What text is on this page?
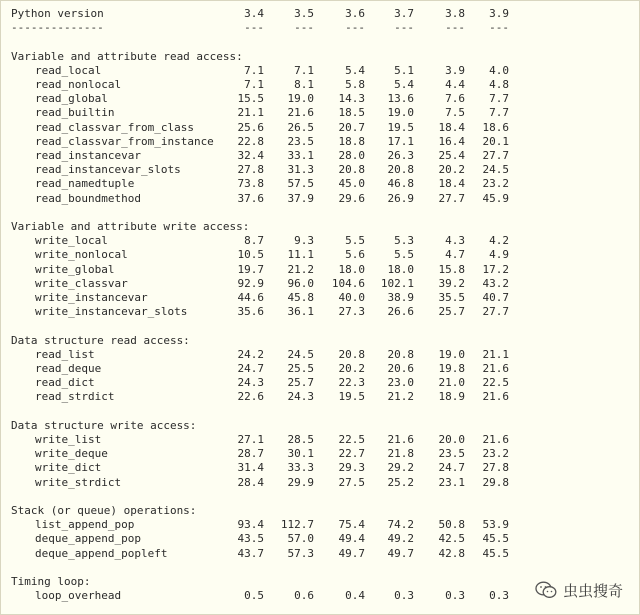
Python version	3.4	3.5	3.6	3.7	3.8	3.9
--------------	---	---	---	---	---	---
Variable and attribute read access:
read_local	7.1	7.1	5.4	5.1	3.9	4.0
read_nonlocal	7.1	8.1	5.8	5.4	4.4	4.8
read_global	15.5	19.0	14.3	13.6	7.6	7.7
read_builtin	21.1	21.6	18.5	19.0	7.5	7.7
read_classvar_from_class	25.6	26.5	20.7	19.5	18.4	18.6
read_classvar_from_instance	22.8	23.5	18.8	17.1	16.4	20.1
read_instancevar	32.4	33.1	28.0	26.3	25.4	27.7
read_instancevar_slots	27.8	31.3	20.8	20.8	20.2	24.5
read_namedtuple	73.8	57.5	45.0	46.8	18.4	23.2
read_boundmethod	37.6	37.9	29.6	26.9	27.7	45.9
Variable and attribute write access:
write_local	8.7	9.3	5.5	5.3	4.3	4.2
write_nonlocal	10.5	11.1	5.6	5.5	4.7	4.9
write_global	19.7	21.2	18.0	18.0	15.8	17.2
write_classvar	92.9	96.0	104.6	102.1	39.2	43.2
write_instancevar	44.6	45.8	40.0	38.9	35.5	40.7
write_instancevar_slots	35.6	36.1	27.3	26.6	25.7	27.7
Data structure read access:
read_list	24.2	24.5	20.8	20.8	19.0	21.1
read_deque	24.7	25.5	20.2	20.6	19.8	21.6
read_dict	24.3	25.7	22.3	23.0	21.0	22.5
read_strdict	22.6	24.3	19.5	21.2	18.9	21.6
Data structure write access:
write_list	27.1	28.5	22.5	21.6	20.0	21.6
write_deque	28.7	30.1	22.7	21.8	23.5	23.2
write_dict	31.4	33.3	29.3	29.2	24.7	27.8
write_strdict	28.4	29.9	27.5	25.2	23.1	29.8
Stack (or queue) operations:
list_append_pop	93.4	112.7	75.4	74.2	50.8	53.9
deque_append_pop	43.5	57.0	49.4	49.2	42.5	45.5
deque_append_popleft	43.7	57.3	49.7	49.7	42.8	45.5
Timing loop:
loop_overhead	0.5	0.6	0.4	0.3	0.3	0.3	虫虫搜奇
